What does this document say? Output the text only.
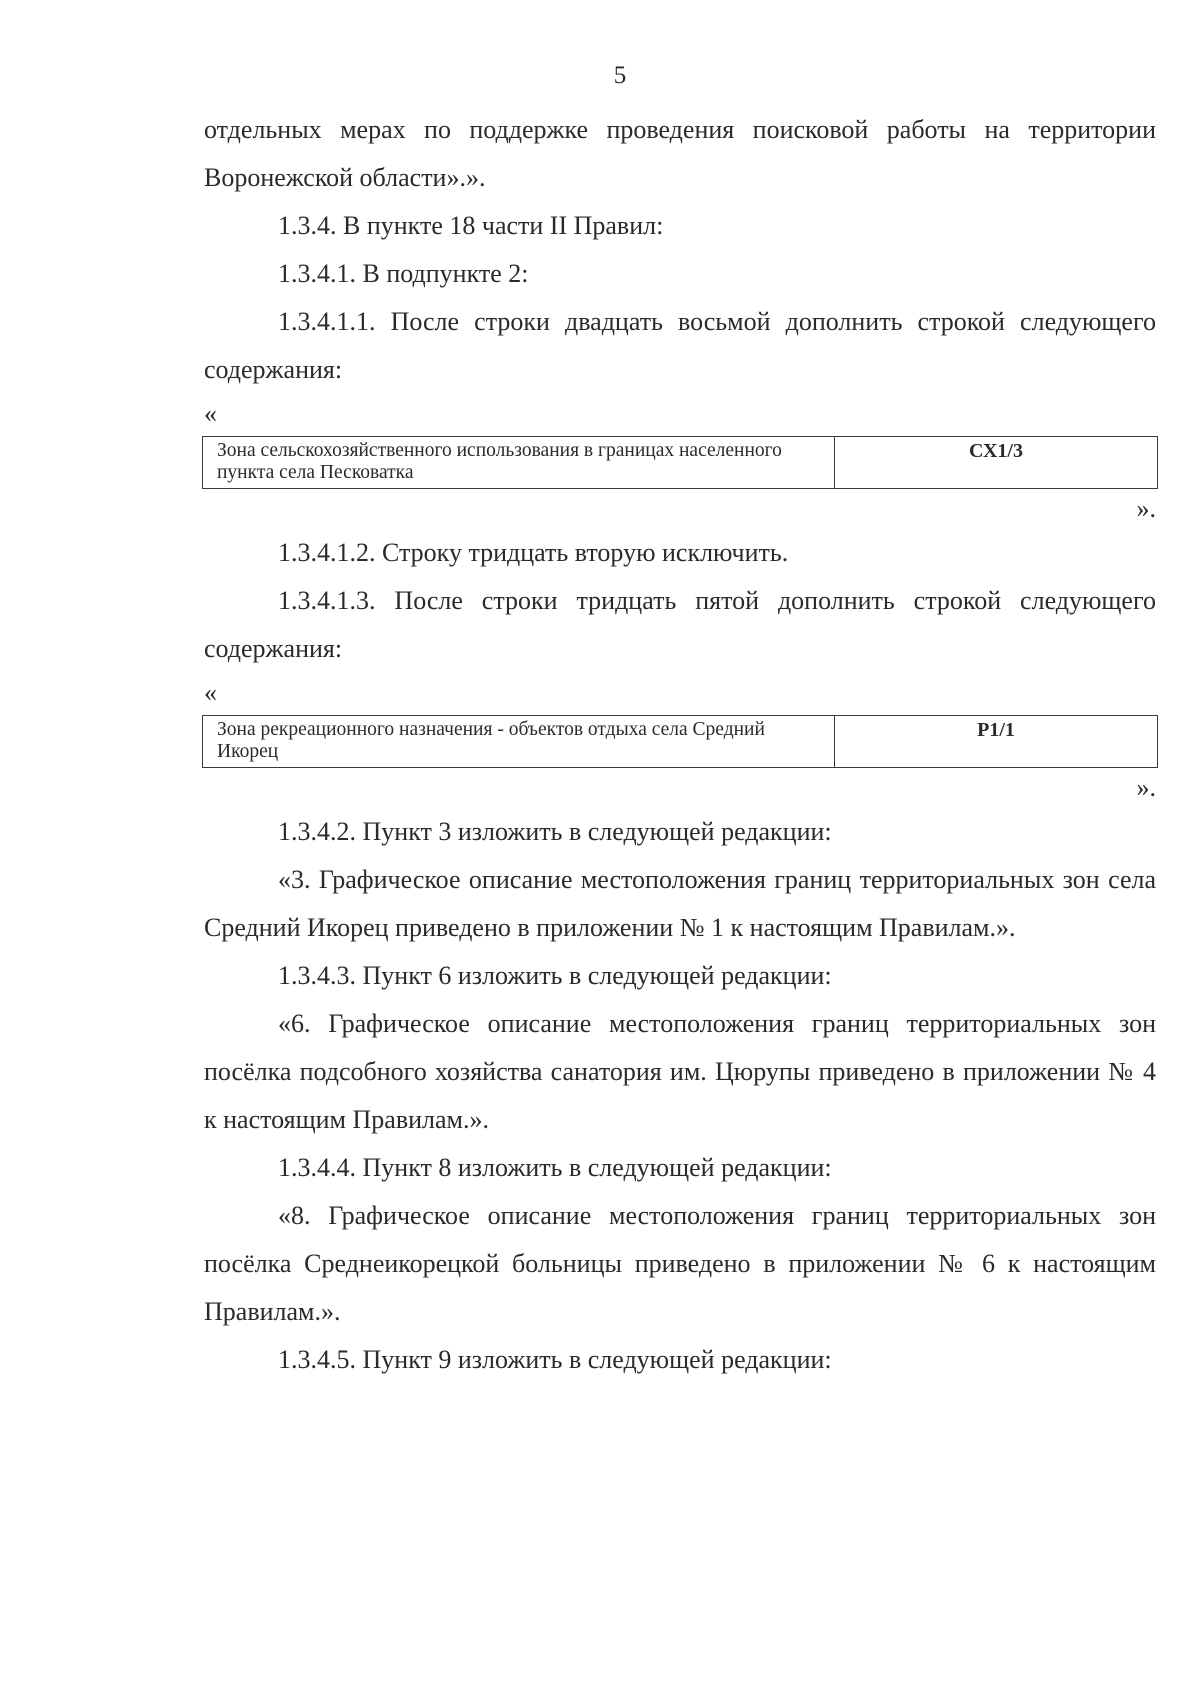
5

отдельных мерах по поддержке проведения поисковой работы на территории Воронежской области».».

1.3.4. В пункте 18 части II Правил:

1.3.4.1. В подпункте 2:

1.3.4.1.1. После строки двадцать восьмой дополнить строкой следующего содержания:

«
Зона сельскохозяйственного использования в границах населенного пункта села Песковатка	СХ1/3
».

1.3.4.1.2. Строку тридцать вторую исключить.

1.3.4.1.3. После строки тридцать пятой дополнить строкой следующего содержания:

«
Зона рекреационного назначения - объектов отдыха села Средний Икорец	Р1/1
».

1.3.4.2. Пункт 3 изложить в следующей редакции:

«3. Графическое описание местоположения границ территориальных зон села Средний Икорец приведено в приложении № 1 к настоящим Правилам.».

1.3.4.3. Пункт 6 изложить в следующей редакции:

«6. Графическое описание местоположения границ территориальных зон посёлка подсобного хозяйства санатория им. Цюрупы приведено в приложении № 4 к настоящим Правилам.».

1.3.4.4. Пункт 8 изложить в следующей редакции:

«8. Графическое описание местоположения границ территориальных зон посёлка Среднеикорецкой больницы приведено в приложении № 6 к настоящим Правилам.».

1.3.4.5. Пункт 9 изложить в следующей редакции:
